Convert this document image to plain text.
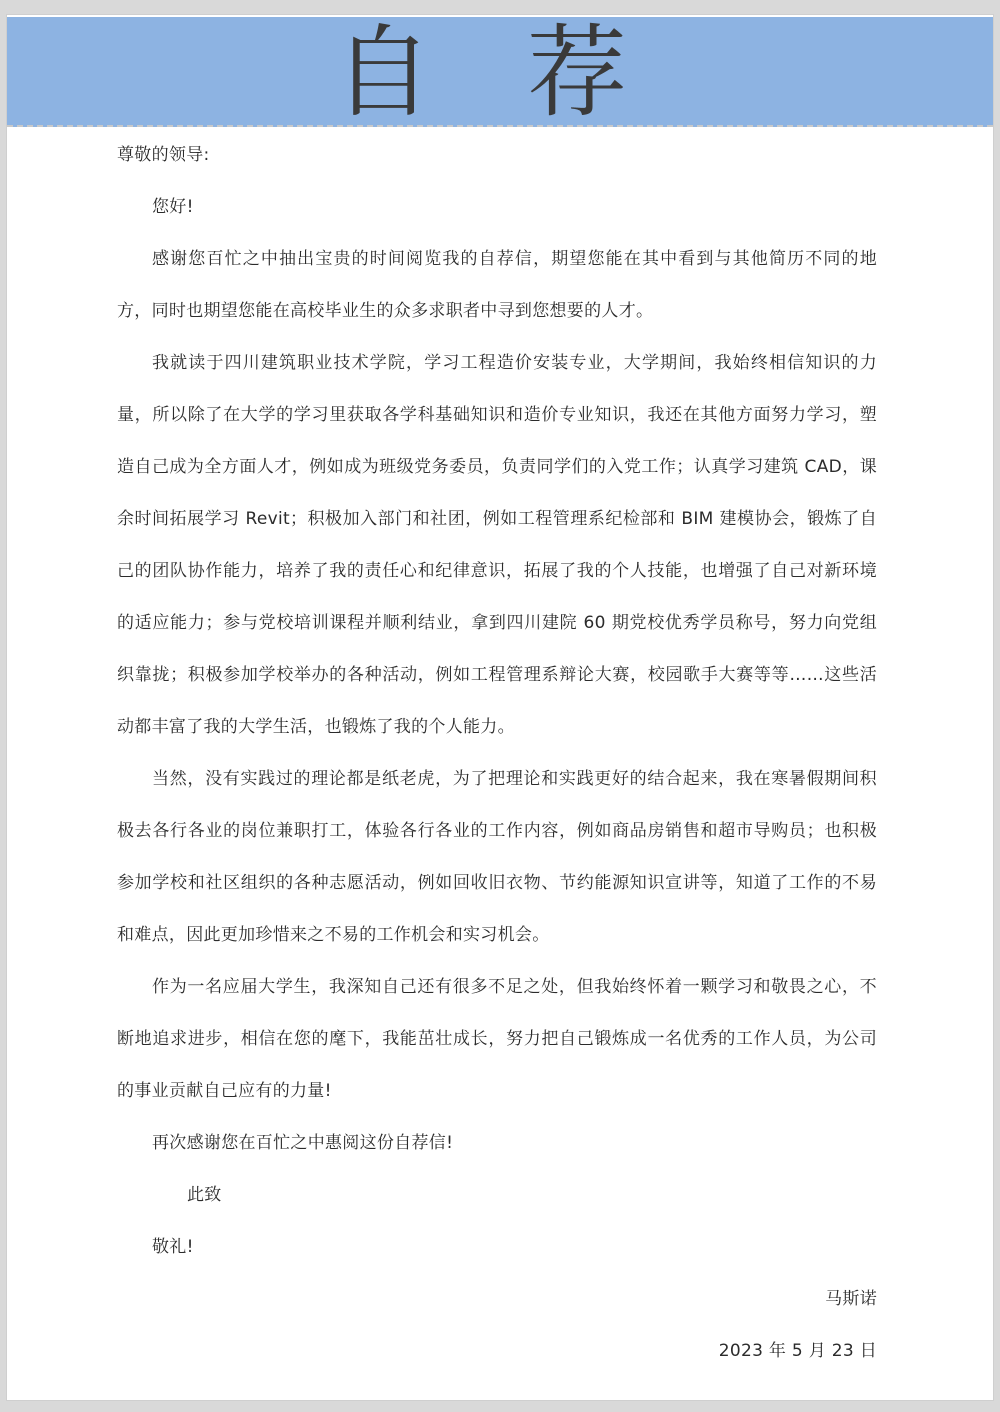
自 荐

尊敬的领导:

您好!

感谢您百忙之中抽出宝贵的时间阅览我的自荐信，期望您能在其中看到与其他简历不同的地方，同时也期望您能在高校毕业生的众多求职者中寻到您想要的人才。

我就读于四川建筑职业技术学院，学习工程造价安装专业，大学期间，我始终相信知识的力量，所以除了在大学的学习里获取各学科基础知识和造价专业知识，我还在其他方面努力学习，塑造自己成为全方面人才，例如成为班级党务委员，负责同学们的入党工作；认真学习建筑 CAD，课余时间拓展学习 Revit；积极加入部门和社团，例如工程管理系纪检部和 BIM 建模协会，锻炼了自己的团队协作能力，培养了我的责任心和纪律意识，拓展了我的个人技能，也增强了自己对新环境的适应能力；参与党校培训课程并顺利结业，拿到四川建院 60 期党校优秀学员称号，努力向党组织靠拢；积极参加学校举办的各种活动，例如工程管理系辩论大赛，校园歌手大赛等等……这些活动都丰富了我的大学生活，也锻炼了我的个人能力。

当然，没有实践过的理论都是纸老虎，为了把理论和实践更好的结合起来，我在寒暑假期间积极去各行各业的岗位兼职打工，体验各行各业的工作内容，例如商品房销售和超市导购员；也积极参加学校和社区组织的各种志愿活动，例如回收旧衣物、节约能源知识宣讲等，知道了工作的不易和难点，因此更加珍惜来之不易的工作机会和实习机会。

作为一名应届大学生，我深知自己还有很多不足之处，但我始终怀着一颗学习和敬畏之心，不断地追求进步，相信在您的麾下，我能茁壮成长，努力把自己锻炼成一名优秀的工作人员，为公司的事业贡献自己应有的力量!

再次感谢您在百忙之中惠阅这份自荐信!

此致

敬礼!

马斯诺

2023 年 5 月 23 日
